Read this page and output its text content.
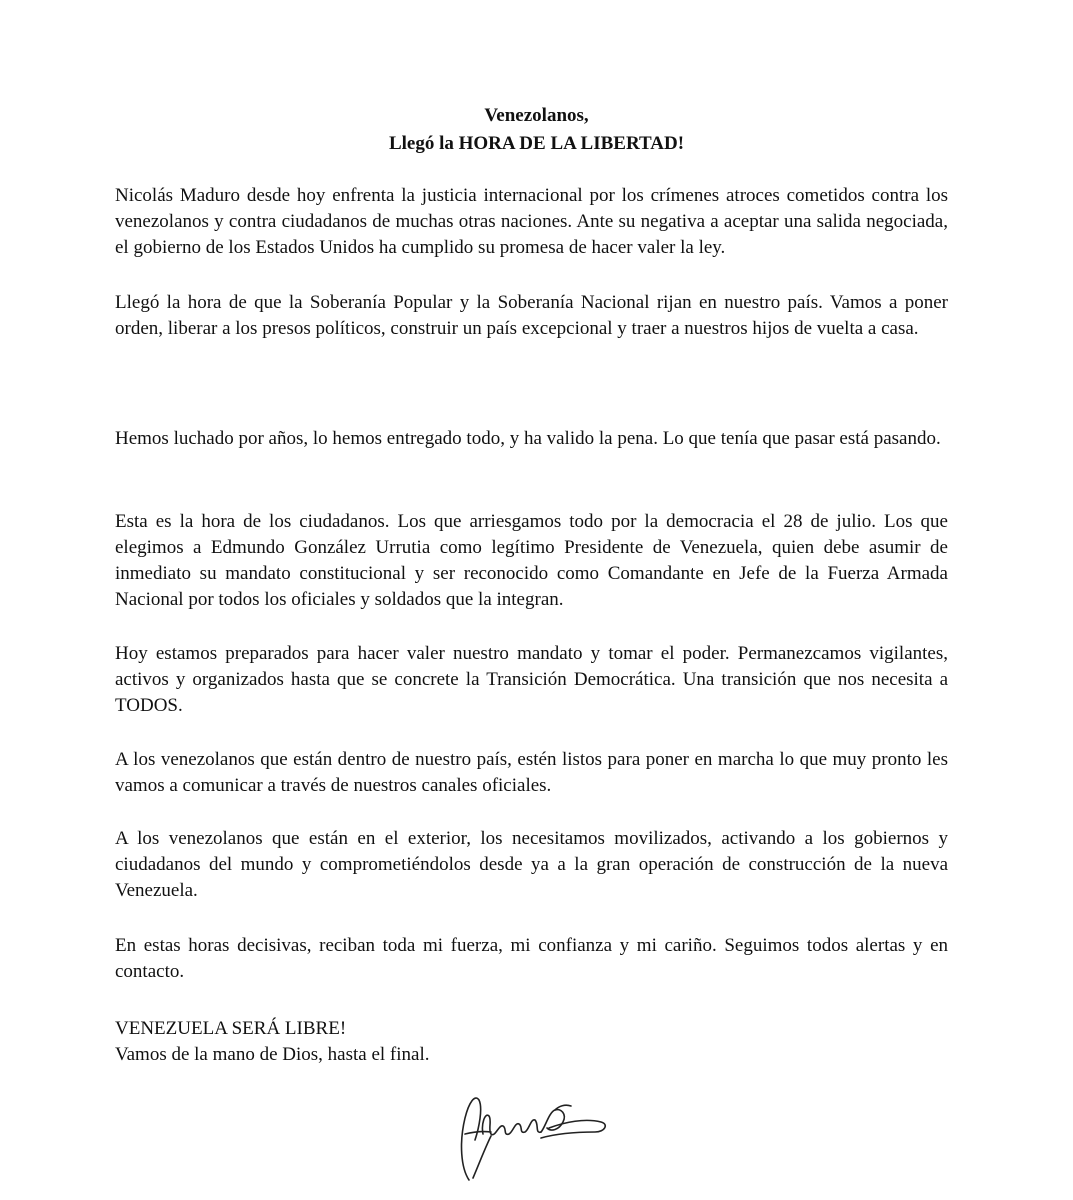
Venezolanos,

Llegó la HORA DE LA LIBERTAD!

Nicolás Maduro desde hoy enfrenta la justicia internacional por los crímenes atroces cometidos contra los venezolanos y contra ciudadanos de muchas otras naciones. Ante su negativa a aceptar una salida negociada, el gobierno de los Estados Unidos ha cumplido su promesa de hacer valer la ley.

Llegó la hora de que la Soberanía Popular y la Soberanía Nacional rijan en nuestro país. Vamos a poner orden, liberar a los presos políticos, construir un país excepcional y traer a nuestros hijos de vuelta a casa.

Hemos luchado por años, lo hemos entregado todo, y ha valido la pena. Lo que tenía que pasar está pasando.

Esta es la hora de los ciudadanos. Los que arriesgamos todo por la democracia el 28 de julio. Los que elegimos a Edmundo González Urrutia como legítimo Presidente de Venezuela, quien debe asumir de inmediato su mandato constitucional y ser reconocido como Comandante en Jefe de la Fuerza Armada Nacional por todos los oficiales y soldados que la integran.

Hoy estamos preparados para hacer valer nuestro mandato y tomar el poder. Permanezcamos vigilantes, activos y organizados hasta que se concrete la Transición Democrática. Una transición que nos necesita a TODOS.

A los venezolanos que están dentro de nuestro país, estén listos para poner en marcha lo que muy pronto les vamos a comunicar a través de nuestros canales oficiales.

A los venezolanos que están en el exterior, los necesitamos movilizados, activando a los gobiernos y ciudadanos del mundo y comprometiéndolos desde ya a la gran operación de construcción de la nueva Venezuela.

En estas horas decisivas, reciban toda mi fuerza, mi confianza y mi cariño. Seguimos todos alertas y en contacto.

VENEZUELA SERÁ LIBRE!

Vamos de la mano de Dios, hasta el final.
